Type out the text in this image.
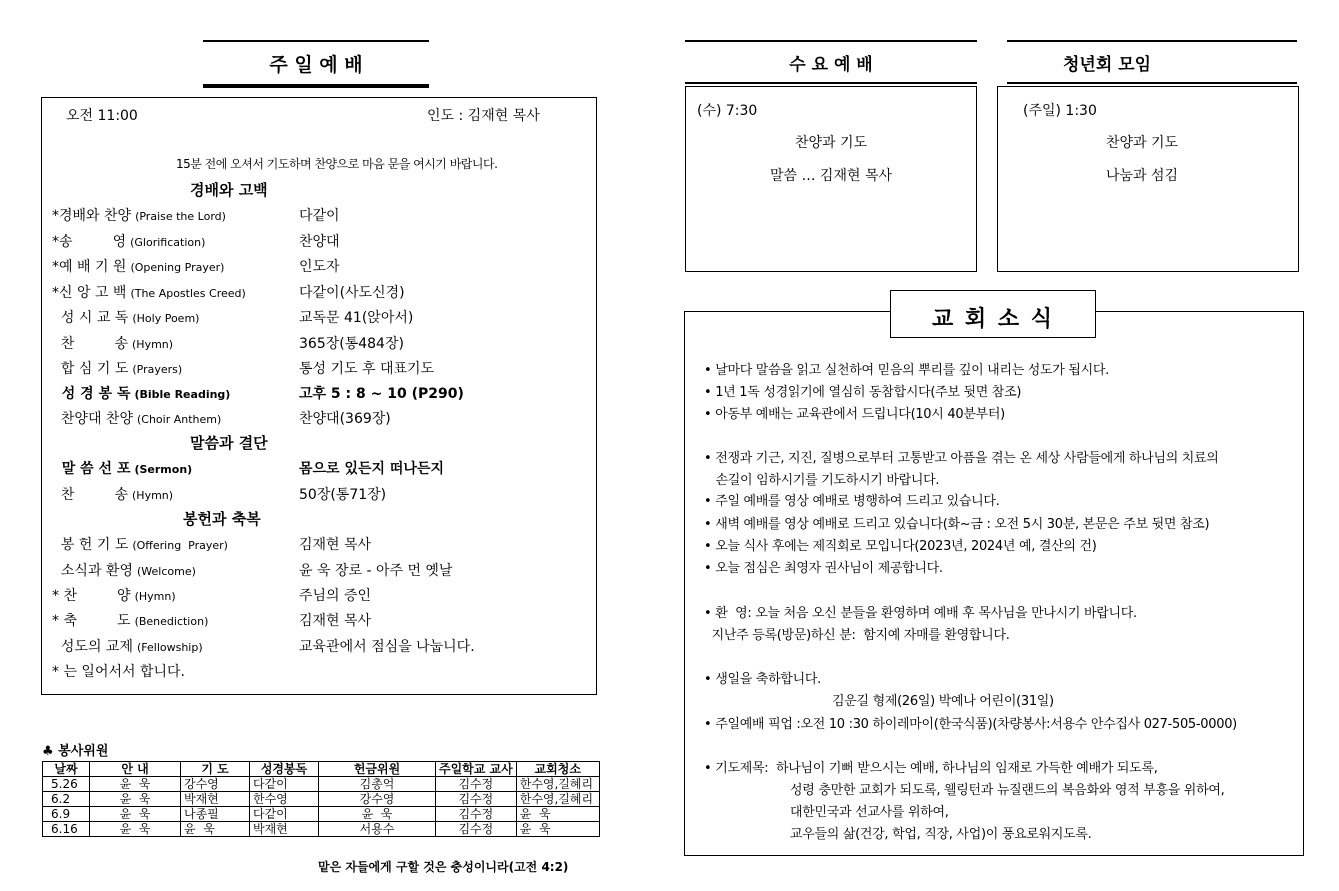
주 일 예 배
오전 11:00	인도 : 김재현 목사
15분 전에 오셔서 기도하며 찬양으로 마음 문을 여시기 바랍니다.
경배와 고백
말씀과 결단
봉헌과 축복
*경배와 찬양 (Praise the Lord)	다같이
*송         영 (Glorification)	찬양대
*예 배 기 원 (Opening Prayer)	인도자
*신 앙 고 백 (The Apostles Creed)	다같이(사도신경)
성 시 교 독 (Holy Poem)	교독문 41(앉아서)
찬         송 (Hymn)	365장(통484장)
합 심 기 도 (Prayers)	통성 기도 후 대표기도
성 경 봉 독 (Bible Reading)	고후 5 : 8 ~ 10 (P290)
찬양대 찬양 (Choir Anthem)	찬양대(369장)
말 씀 선 포 (Sermon)	몸으로 있든지 떠나든지
찬         송 (Hymn)	50장(통71장)
봉 헌 기 도 (Offering  Prayer)	김재현 목사
소식과 환영 (Welcome)	윤 욱 장로 - 아주 먼 옛날
* 찬         양 (Hymn)	주님의 증인
* 축         도 (Benediction)	김재현 목사
성도의 교제 (Fellowship)	교육관에서 점심을 나눕니다.
* 는 일어서서 합니다.
♣ 봉사위원
날짜	안 내	기 도	성경봉독	헌금위원	주일학교 교사	교회청소
5.26	윤  욱	강수영	다같이	김총억	김수정	한수영,길혜리
6.2	윤  욱	박재현	한수영	강수영	김수정	한수영,길혜리
6.9	윤  욱	나종필	다같이	윤  욱	김수정	윤  욱
6.16	윤  욱	윤  욱	박재현	서용수	김수정	윤  욱
맡은 자들에게 구할 것은 충성이니라(고전 4:2)
수 요 예 배
(수) 7:30
찬양과 기도
말씀 … 김재현 목사
청년회 모임
(주일) 1:30
찬양과 기도
나눔과 섬김
교 회 소 식
• 날마다 말씀을 읽고 실천하여 믿음의 뿌리를 깊이 내리는 성도가 됩시다.
• 1년 1독 성경읽기에 열심히 동참합시다(주보 뒷면 참조)
• 아동부 예배는 교육관에서 드립니다(10시 40분부터)
• 전쟁과 기근, 지진, 질병으로부터 고통받고 아픔을 겪는 온 세상 사람들에게 하나님의 치료의
손길이 임하시기를 기도하시기 바랍니다.
• 주일 예배를 영상 예배로 병행하여 드리고 있습니다.
• 새벽 예배를 영상 예배로 드리고 있습니다(화~금 : 오전 5시 30분, 본문은 주보 뒷면 참조)
• 오늘 식사 후에는 제직회로 모입니다(2023년, 2024년 예, 결산의 건)
• 오늘 점심은 최영자 권사님이 제공합니다.
• 환  영: 오늘 처음 오신 분들을 환영하며 예배 후 목사님을 만나시기 바랍니다.
지난주 등록(방문)하신 분:  함지예 자매를 환영합니다.
• 생일을 축하합니다.
김운길 형제(26일) 박예나 어린이(31일)
• 주일예배 픽업 :오전 10 :30 하이레마이(한국식품)(차량봉사:서용수 안수집사 027-505-0000)
• 기도제목:  하나님이 기뻐 받으시는 예배, 하나님의 임재로 가득한 예배가 되도록,
성령 충만한 교회가 되도록, 웰링턴과 뉴질랜드의 복음화와 영적 부흥을 위하여,
대한민국과 선교사를 위하여,
교우들의 삶(건강, 학업, 직장, 사업)이 풍요로워지도록.
